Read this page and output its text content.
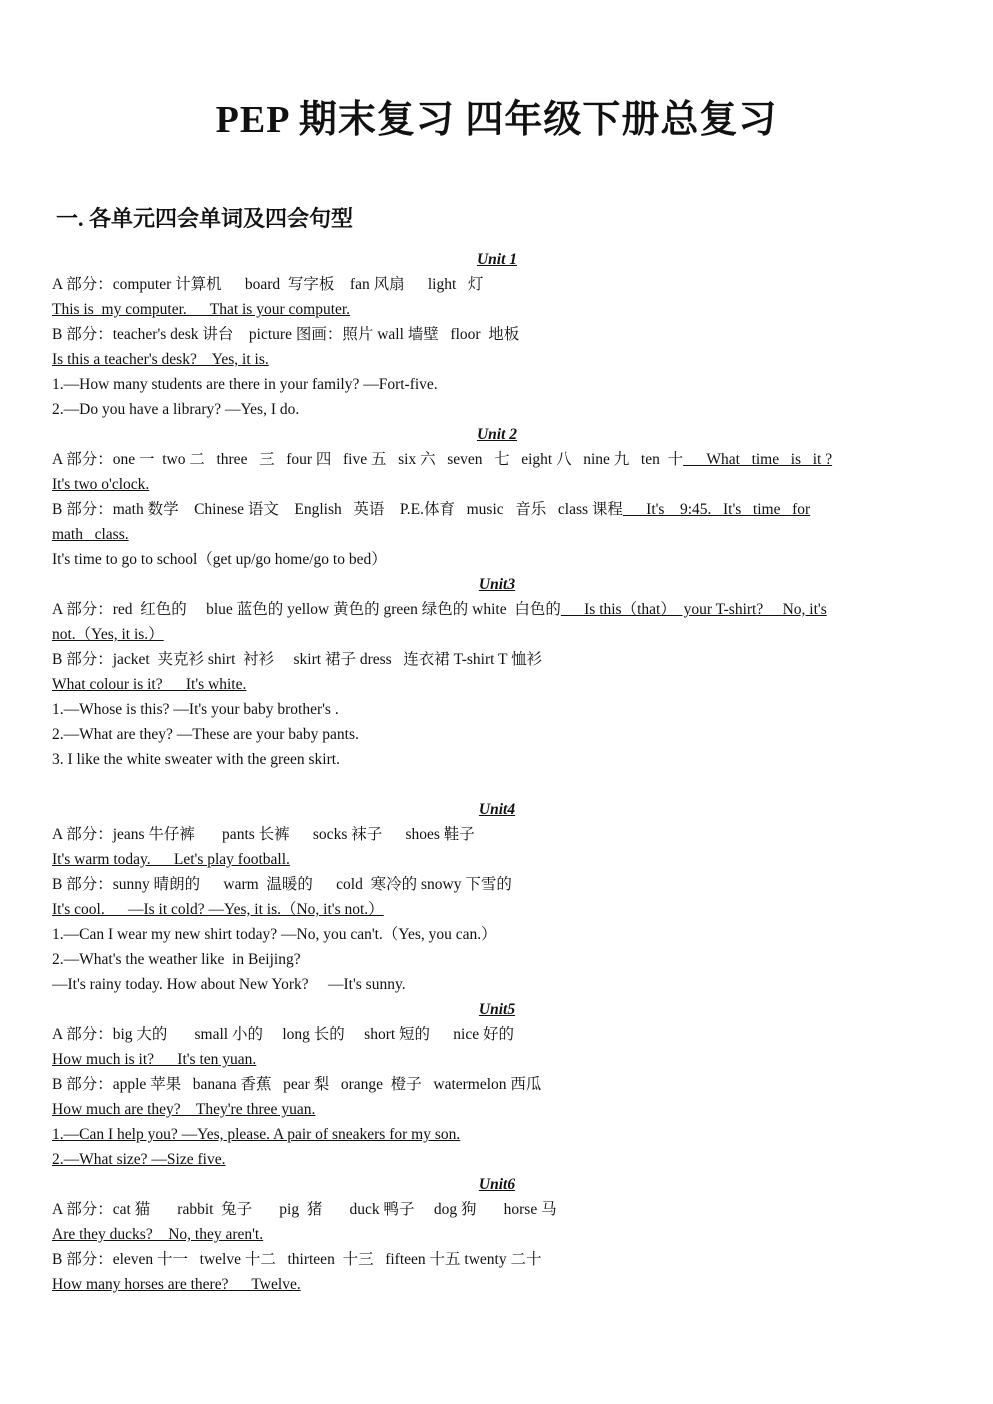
PEP 期末复习 四年级下册总复习
一. 各单元四会单词及四会句型
Unit 1
A 部分：computer 计算机      board  写字板    fan 风扇      light   灯
This is  my computer.      That is your computer.
B 部分：teacher's desk 讲台    picture 图画：照片 wall 墙壁   floor  地板
Is this a teacher's desk?    Yes, it is.
1.—How many students are there in your family? —Fort-five.
2.—Do you have a library? —Yes, I do.
Unit 2
A 部分：one 一  two 二   three   三   four 四   five 五   six 六   seven   七   eight 八   nine 九   ten  十      What   time   is   it ?
It's two o'clock.
B 部分：math 数学    Chinese 语文    English   英语    P.E.体育   music   音乐   class 课程      It's    9:45.   It's   time   for
math   class.
It's time to go to school（get up/go home/go to bed）
Unit3
A 部分：red  红色的     blue 蓝色的 yellow 黄色的 green 绿色的 white  白色的      Is this（that）  your T-shirt?     No, it's
not.（Yes, it is.）
B 部分：jacket  夹克衫 shirt  衬衫     skirt 裙子 dress   连衣裙 T-shirt T 恤衫
What colour is it?      It's white.
1.—Whose is this? —It's your baby brother's .
2.—What are they? —These are your baby pants.
3. I like the white sweater with the green skirt.
Unit4
A 部分：jeans 牛仔裤       pants 长裤      socks 袜子      shoes 鞋子
It's warm today.      Let's play football.
B 部分：sunny 晴朗的      warm  温暖的      cold  寒冷的 snowy 下雪的
It's cool.      —Is it cold? —Yes, it is.（No, it's not.）
1.—Can I wear my new shirt today? —No, you can't.（Yes, you can.）
2.—What's the weather like  in Beijing?
—It's rainy today. How about New York?     —It's sunny.
Unit5
A 部分：big 大的       small 小的     long 长的     short 短的      nice 好的
How much is it?      It's ten yuan.
B 部分：apple 苹果   banana 香蕉   pear 梨   orange  橙子   watermelon 西瓜
How much are they?    They're three yuan.
1.—Can I help you? —Yes, please. A pair of sneakers for my son.
2.—What size? —Size five.
Unit6
A 部分：cat 猫       rabbit  兔子       pig  猪       duck 鸭子     dog 狗       horse 马
Are they ducks?    No, they aren't.
B 部分：eleven 十一   twelve 十二   thirteen  十三   fifteen 十五 twenty 二十
How many horses are there?      Twelve.
